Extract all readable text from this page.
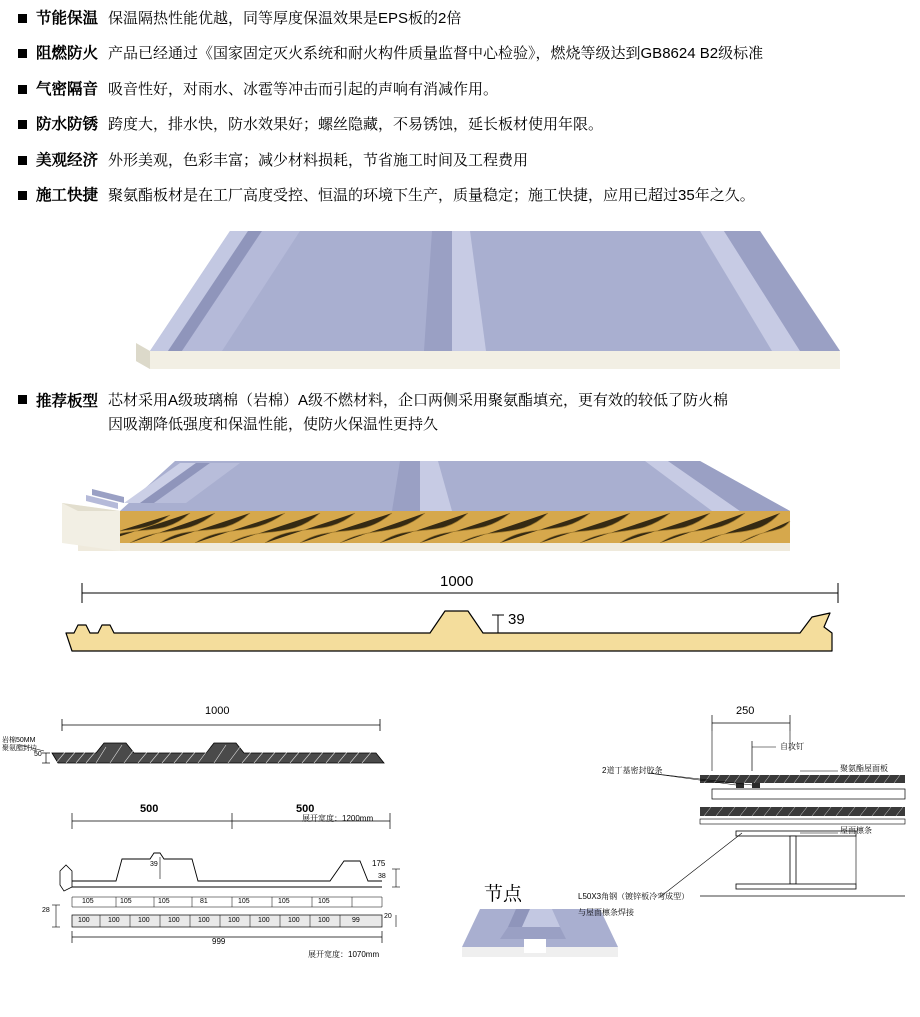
节能保温 保温隔热性能优越，同等厚度保温效果是EPS板的2倍
阻燃防火 产品已经通过《国家固定灭火系统和耐火构件质量监督中心检验》，燃烧等级达到GB8624 B2级标准
气密隔音 吸音性好，对雨水、冰雹等冲击而引起的声响有消减作用。
防水防锈 跨度大，排水快，防水效果好；螺丝隐藏，不易锈蚀，延长板材使用年限。
美观经济 外形美观，色彩丰富；减少材料损耗，节省施工时间及工程费用
施工快捷 聚氨酯板材是在工厂高度受控、恒温的环境下生产，质量稳定；施工快捷，应用已超过35年之久。
推荐板型 芯材采用A级玻璃棉（岩棉）A级不燃材料，企口两侧采用聚氨酯填充，更有效的较低了防火棉
因吸潮降低强度和保温性能，使防火保温性更持久
1000
39
1000
岩棉50MM
聚氨酯封边
50
500	500
展开宽度：1200mm
175
39
38
28
20
105	105	105	81	105	105	105
100	100	100	100	100	100	100	100	100	99
999
展开宽度：1070mm
节点
250
自攻钉
聚氨酯屋面板
2道丁基密封胶条
屋面檩条
L50X3角钢（镀锌板冷弯成型）
与屋面檩条焊接
